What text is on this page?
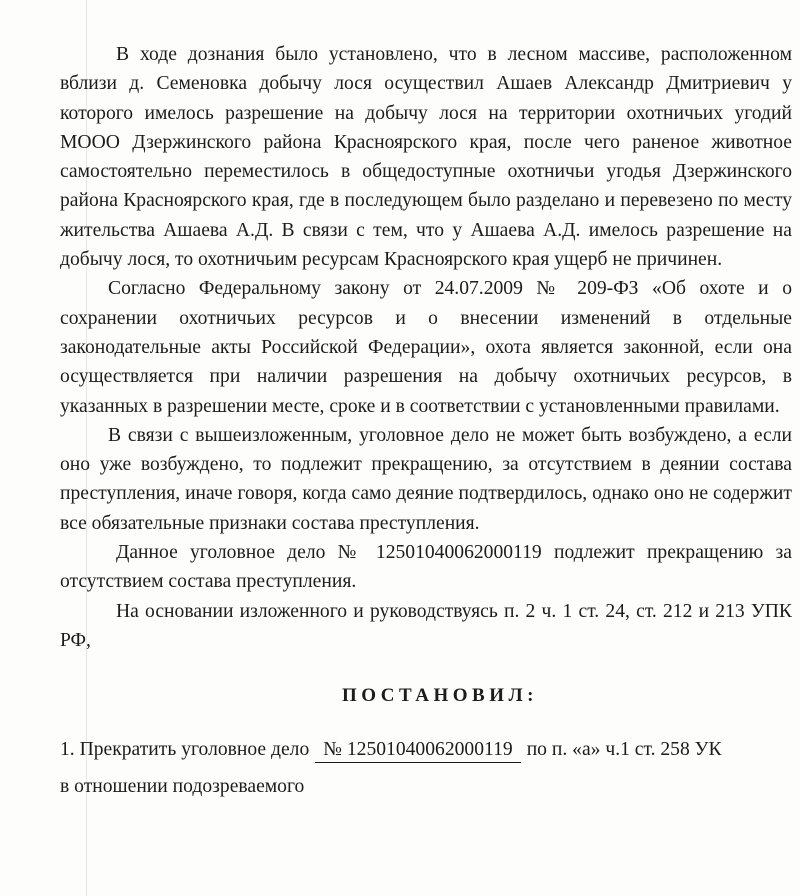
В ходе дознания было установлено, что в лесном массиве, расположенном вблизи д. Семеновка добычу лося осуществил Ашаев Александр Дмитриевич у которого имелось разрешение на добычу лося на территории охотничьих угодий МООО Дзержинского района Красноярского края, после чего раненое животное самостоятельно переместилось в общедоступные охотничьи угодья Дзержинского района Красноярского края, где в последующем было разделано и перевезено по месту жительства Ашаева А.Д. В связи с тем, что у Ашаева А.Д. имелось разрешение на добычу лося, то охотничьим ресурсам Красноярского края ущерб не причинен.

Согласно Федеральному закону от 24.07.2009 № 209-ФЗ «Об охоте и о сохранении охотничьих ресурсов и о внесении изменений в отдельные законодательные акты Российской Федерации», охота является законной, если она осуществляется при наличии разрешения на добычу охотничьих ресурсов, в указанных в разрешении месте, сроке и в соответствии с установленными правилами.

В связи с вышеизложенным, уголовное дело не может быть возбуждено, а если оно уже возбуждено, то подлежит прекращению, за отсутствием в деянии состава преступления, иначе говоря, когда само деяние подтвердилось, однако оно не содержит все обязательные признаки состава преступления.

Данное уголовное дело № 12501040062000119 подлежит прекращению за отсутствием состава преступления.

На основании изложенного и руководствуясь п. 2 ч. 1 ст. 24, ст. 212 и 213 УПК РФ,

ПОСТАНОВИЛ:

1. Прекратить уголовное дело № 12501040062000119 по п. «а» ч.1 ст. 258 УК

в отношении подозреваемого
